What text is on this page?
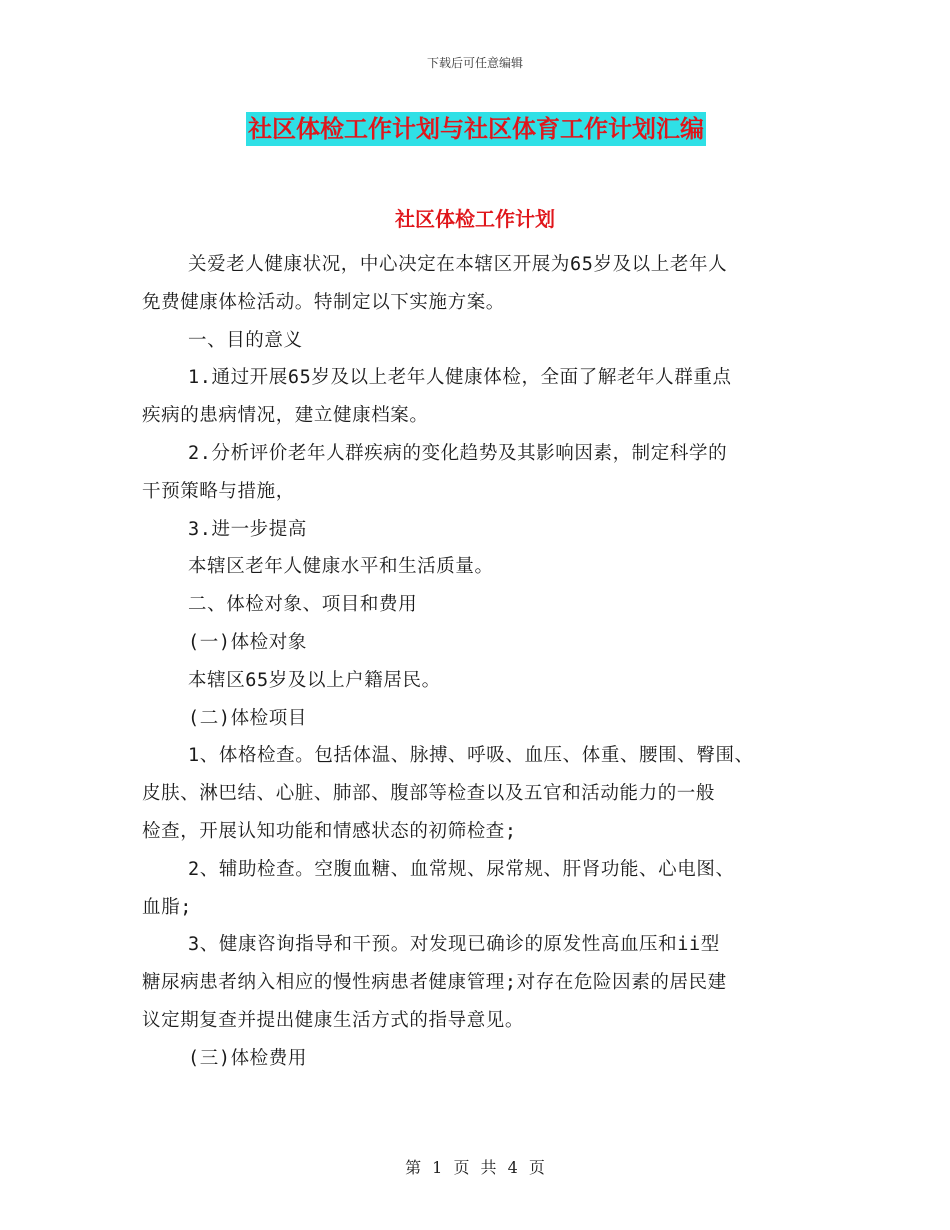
下载后可任意编辑
社区体检工作计划与社区体育工作计划汇编
社区体检工作计划
关爱老人健康状况，中心决定在本辖区开展为65岁及以上老年人
免费健康体检活动。特制定以下实施方案。
一、目的意义
1.通过开展65岁及以上老年人健康体检，全面了解老年人群重点
疾病的患病情况，建立健康档案。
2.分析评价老年人群疾病的变化趋势及其影响因素，制定科学的
干预策略与措施，
3.进一步提高
本辖区老年人健康水平和生活质量。
二、体检对象、项目和费用
(一)体检对象
本辖区65岁及以上户籍居民。
(二)体检项目
1、体格检查。包括体温、脉搏、呼吸、血压、体重、腰围、臀围、
皮肤、淋巴结、心脏、肺部、腹部等检查以及五官和活动能力的一般
检查，开展认知功能和情感状态的初筛检查;
2、辅助检查。空腹血糖、血常规、尿常规、肝肾功能、心电图、
血脂;
3、健康咨询指导和干预。对发现已确诊的原发性高血压和ii型
糖尿病患者纳入相应的慢性病患者健康管理;对存在危险因素的居民建
议定期复查并提出健康生活方式的指导意见。
(三)体检费用
第 1 页 共 4 页
